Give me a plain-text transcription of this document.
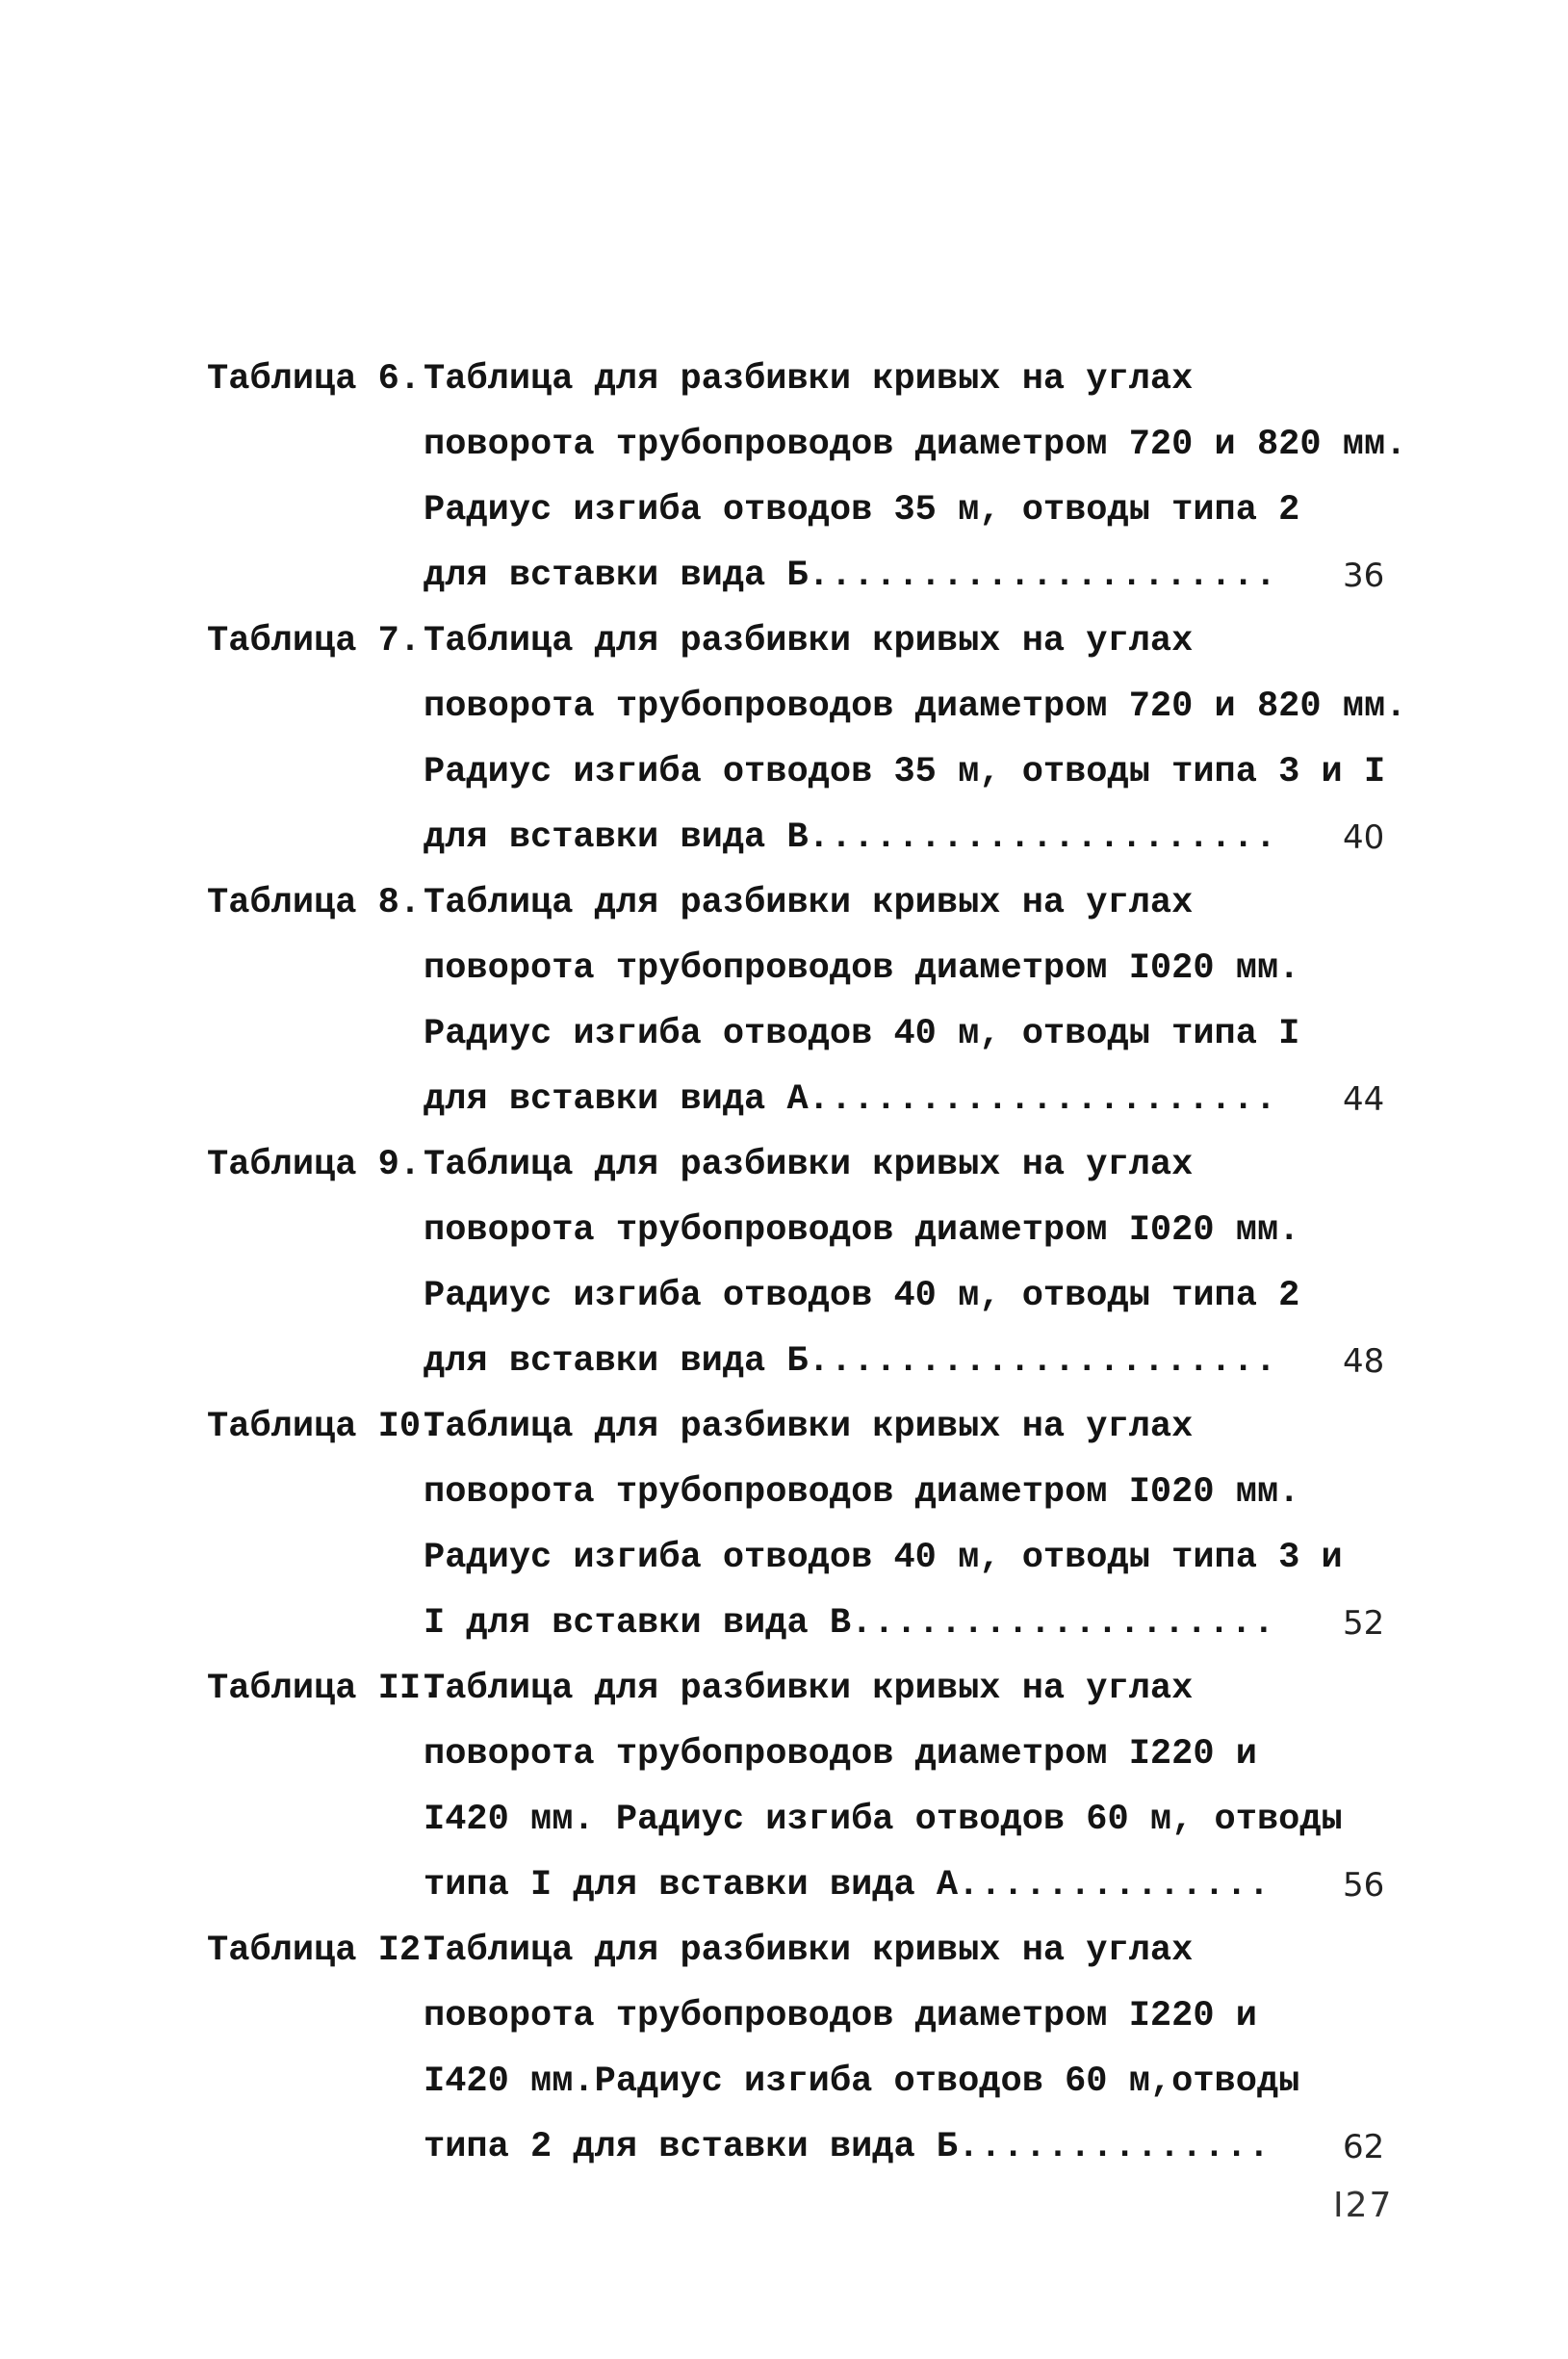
Таблица 6. Таблица для разбивки кривых на углах
поворота трубопроводов диаметром 720 и 820 мм.
Радиус изгиба отводов 35 м, отводы типа 2
36
для вставки вида Б .....................
Таблица 7. Таблица для разбивки кривых на углах
поворота трубопроводов диаметром 720 и 820 мм.
Радиус изгиба отводов 35 м, отводы типа 3 и I
40
для вставки вида В .....................
Таблица 8. Таблица для разбивки кривых на углах
поворота трубопроводов диаметром I020 мм.
Радиус изгиба отводов 40 м, отводы типа I
44
для вставки вида А .....................
Таблица 9. Таблица для разбивки кривых на углах
поворота трубопроводов диаметром I020 мм.
Радиус изгиба отводов 40 м, отводы типа 2
48
для вставки вида Б .....................
Таблица I0.
Таблица для разбивки кривых на углах
поворота трубопроводов диаметром I020 мм.
Радиус изгиба отводов 40 м, отводы типа 3 и
52
I для вставки вида В ...................
Таблица II.
Таблица для разбивки кривых на углах
поворота трубопроводов диаметром I220 и
I420 мм. Радиус изгиба отводов 60 м, отводы
56
типа I для вставки вида А ..............
Таблица I2.
Таблица для разбивки кривых на углах
поворота трубопроводов диаметром I220 и
I420 мм.Радиус изгиба отводов 60 м,отводы
62
типа 2 для вставки вида Б ..............
I27
